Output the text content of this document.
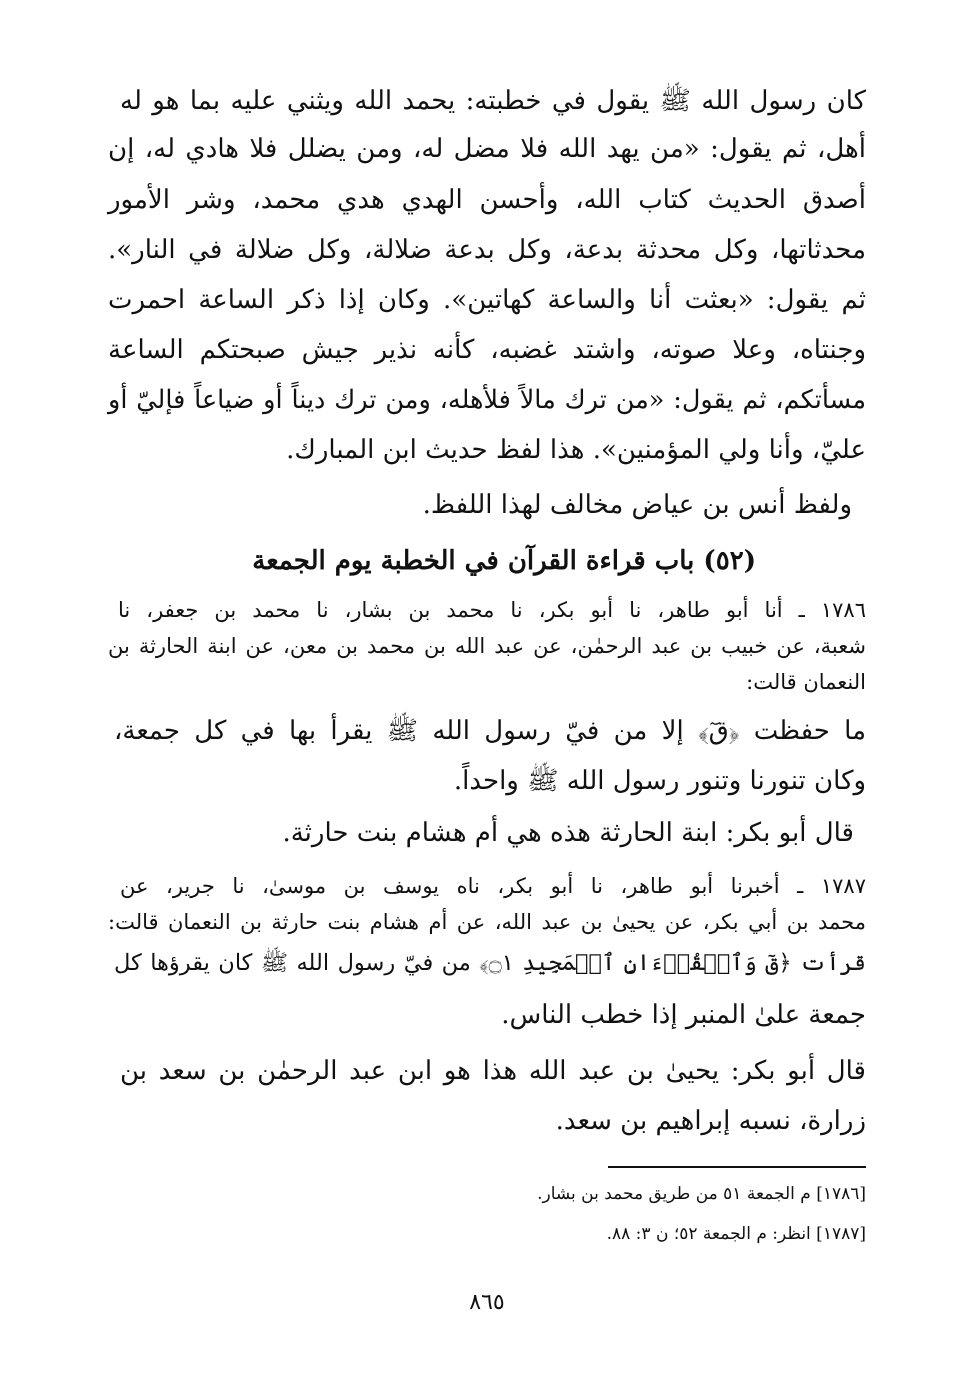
كان رسول الله ﷺ يقول في خطبته: يحمد الله ويثني عليه بما هو له
أهل، ثم يقول: «من يهد الله فلا مضل له، ومن يضلل فلا هادي له، إن
أصدق الحديث كتاب الله، وأحسن الهدي هدي محمد، وشر الأمور
محدثاتها، وكل محدثة بدعة، وكل بدعة ضلالة، وكل ضلالة في النار».
ثم يقول: «بعثت أنا والساعة كهاتين». وكان إذا ذكر الساعة احمرت
وجنتاه، وعلا صوته، واشتد غضبه، كأنه نذير جيش صبحتكم الساعة
مسأتكم، ثم يقول: «من ترك مالاً فلأهله، ومن ترك ديناً أو ضياعاً فإليّ أو
عليّ، وأنا ولي المؤمنين». هذا لفظ حديث ابن المبارك.
ولفظ أنس بن عياض مخالف لهذا اللفظ.
(٥٢) باب قراءة القرآن في الخطبة يوم الجمعة
١٧٨٦ ـ أنا أبو طاهر، نا أبو بكر، نا محمد بن بشار، نا محمد بن جعفر، نا
شعبة، عن خبيب بن عبد الرحمٰن، عن عبد الله بن محمد بن معن، عن ابنة الحارثة بن
النعمان قالت:
ما حفظت ﴿قٓ﴾ إلا من فيّ رسول الله ﷺ يقرأ بها في كل جمعة،
وكان تنورنا وتنور رسول الله ﷺ واحداً.
قال أبو بكر: ابنة الحارثة هذه هي أم هشام بنت حارثة.
١٧٨٧ ـ أخبرنا أبو طاهر، نا أبو بكر، ناه يوسف بن موسىٰ، نا جرير، عن
محمد بن أبي بكر، عن يحيىٰ بن عبد الله، عن أم هشام بنت حارثة بن النعمان قالت:
قرأت ﴿قٓ وَٱلۡقُرۡءَانِ ٱلۡمَجِيدِ ۝١﴾ من فيّ رسول الله ﷺ كان يقرؤها كل
جمعة علىٰ المنبر إذا خطب الناس.
قال أبو بكر: يحيىٰ بن عبد الله هذا هو ابن عبد الرحمٰن بن سعد بن
زرارة، نسبه إبراهيم بن سعد.
[١٧٨٦] م الجمعة ٥١ من طريق محمد بن بشار.
[١٧٨٧] انظر: م الجمعة ٥٢؛ ن ٣: ٨٨.
٨٦٥
